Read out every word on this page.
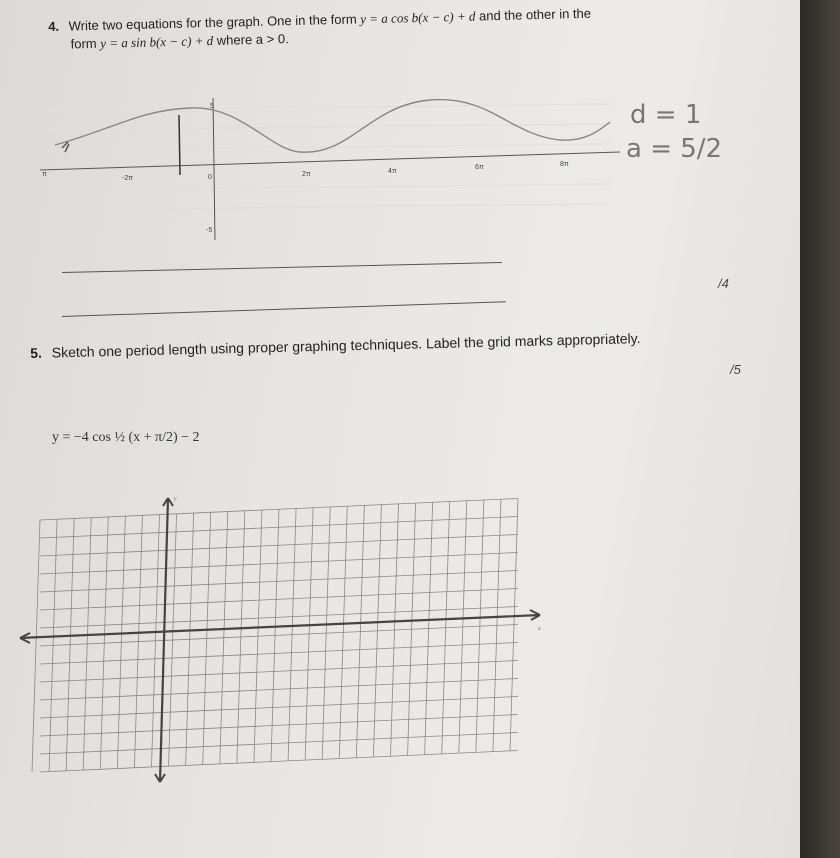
4. Write two equations for the graph. One in the form y = a cos b(x − c) + d and the other in the
form y = a sin b(x − c) + d where a > 0.
π
-2π	0	2π	4π
6π	8π
5
-5
d = 1
a = 5/2
/4
5. Sketch one period length using proper graphing techniques. Label the grid marks appropriately.
/5
y = −4 cos ½ (x + π/2) − 2
y
x
